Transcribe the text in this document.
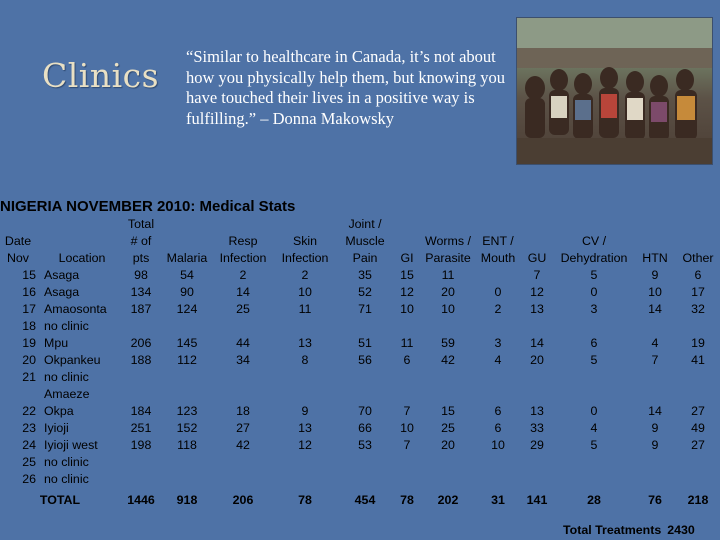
Clinics “Similar to healthcare in Canada, it’s not about how you physically help them, but knowing you have touched their lives in a positive way is fulfilling.” – Donna Makowsky
NIGERIA NOVEMBER 2010: Medical Stats
		Total				Joint /							
Date		# of		Resp	Skin	Muscle		Worms /	ENT /		CV /		
Nov	Location	pts	Malaria	Infection	Infection	Pain	GI	Parasite	Mouth	GU	Dehydration	HTN	Other
15	Asaga	98	54	2	2	35	15	11		7	5	9	6
16	Asaga	134	90	14	10	52	12	20	0	12	0	10	17
17	Amaosonta	187	124	25	11	71	10	10	2	13	3	14	32
18	no clinic												
19	Mpu	206	145	44	13	51	11	59	3	14	6	4	19
20	Okpankeu	188	112	34	8	56	6	42	4	20	5	7	41
21	no clinic												
	Amaeze												
22	Okpa	184	123	18	9	70	7	15	6	13	0	14	27
23	Iyioji	251	152	27	13	66	10	25	6	33	4	9	49
24	Iyioji west	198	118	42	12	53	7	20	10	29	5	9	27
25	no clinic												
26	no clinic												
TOTAL		1446	918	206	78	454	78	202	31	141	28	76	218
Total Treatments 2430
